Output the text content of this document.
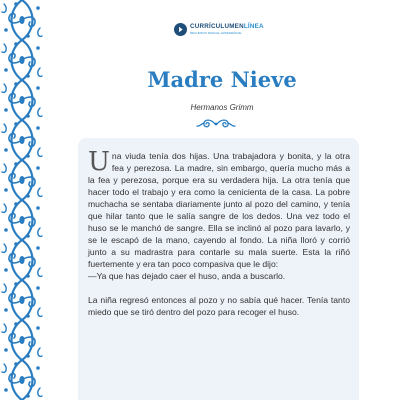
CURRÍCULUMENLÍNEA
RECURSOS PARA EL APRENDIZAJE
Madre Nieve
Hermanos Grimm

Una viuda tenía dos hijas. Una trabajadora y bonita, y la otra fea y perezosa. La madre, sin embargo, quería mucho más a la fea y perezosa, porque era su verdadera hija. La otra tenía que hacer todo el trabajo y era como la cenicienta de la casa. La pobre muchacha se sentaba diariamente junto al pozo del camino, y tenía que hilar tanto que le salía sangre de los dedos. Una vez todo el huso se le manchó de sangre. Ella se inclinó al pozo para lavarlo, y se le escapó de la mano, cayendo al fondo. La niña lloró y corrió junto a su madrastra para contarle su mala suerte. Esta la riñó fuertemente y era tan poco compasiva que le dijo:

—Ya que has dejado caer el huso, anda a buscarlo.

La niña regresó entonces al pozo y no sabía qué hacer. Tenía tanto miedo que se tiró dentro del pozo para recoger el huso.
